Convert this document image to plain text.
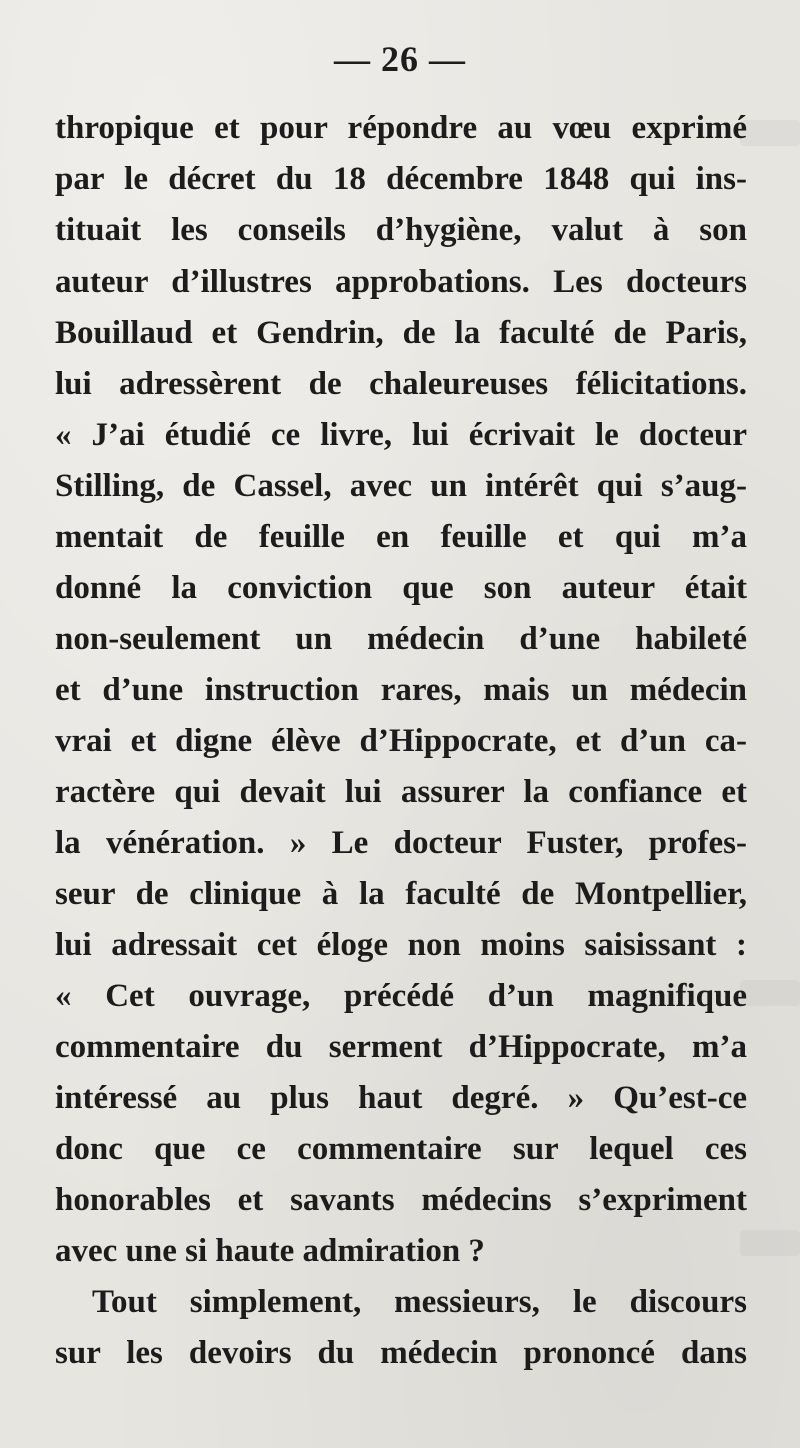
— 26 —
thropique et pour répondre au vœu exprimé
par le décret du 18 décembre 1848 qui ins-
tituait les conseils d’hygiène, valut à son
auteur d’illustres approbations. Les docteurs
Bouillaud et Gendrin, de la faculté de Paris,
lui adressèrent de chaleureuses félicitations.
« J’ai étudié ce livre, lui écrivait le docteur
Stilling, de Cassel, avec un intérêt qui s’aug-
mentait de feuille en feuille et qui m’a
donné la conviction que son auteur était
non-seulement un médecin d’une habileté
et d’une instruction rares, mais un médecin
vrai et digne élève d’Hippocrate, et d’un ca-
ractère qui devait lui assurer la confiance et
la vénération. » Le docteur Fuster, profes-
seur de clinique à la faculté de Montpellier,
lui adressait cet éloge non moins saisissant :
« Cet ouvrage, précédé d’un magnifique
commentaire du serment d’Hippocrate, m’a
intéressé au plus haut degré. » Qu’est-ce
donc que ce commentaire sur lequel ces
honorables et savants médecins s’expriment
avec une si haute admiration ?
Tout simplement, messieurs, le discours
sur les devoirs du médecin prononcé dans
